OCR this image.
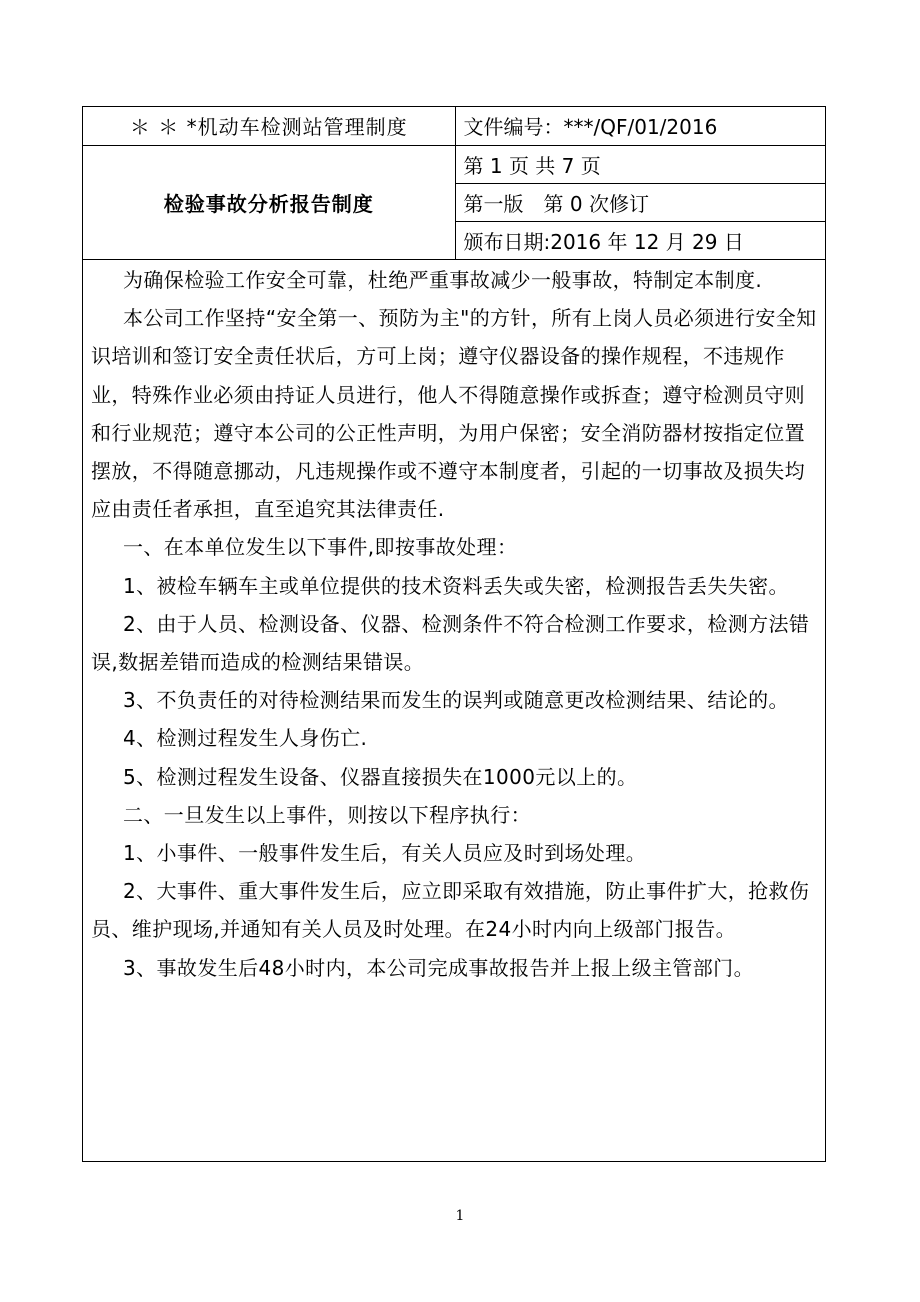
＊ ＊ *机动车检测站管理制度	文件编号：***/QF/01/2016
检验事故分析报告制度	第 1 页 共 7 页
	第一版　第 0 次修订
	颁布日期:2016 年 12 月 29 日

为确保检验工作安全可靠，杜绝严重事故减少一般事故，特制定本制度.

本公司工作坚持“安全第一、预防为主"的方针，所有上岗人员必须进行安全知识培训和签订安全责任状后，方可上岗；遵守仪器设备的操作规程，不违规作业，特殊作业必须由持证人员进行，他人不得随意操作或拆查；遵守检测员守则和行业规范；遵守本公司的公正性声明，为用户保密；安全消防器材按指定位置摆放，不得随意挪动，凡违规操作或不遵守本制度者，引起的一切事故及损失均应由责任者承担，直至追究其法律责任.

一、在本单位发生以下事件,即按事故处理：

1、被检车辆车主或单位提供的技术资料丢失或失密，检测报告丢失失密。

2、由于人员、检测设备、仪器、检测条件不符合检测工作要求，检测方法错误,数据差错而造成的检测结果错误。

3、不负责任的对待检测结果而发生的误判或随意更改检测结果、结论的。

4、检测过程发生人身伤亡.

5、检测过程发生设备、仪器直接损失在1000元以上的。

二、一旦发生以上事件，则按以下程序执行：

1、小事件、一般事件发生后，有关人员应及时到场处理。

2、大事件、重大事件发生后，应立即采取有效措施，防止事件扩大，抢救伤员、维护现场,并通知有关人员及时处理。在24小时内向上级部门报告。

3、事故发生后48小时内，本公司完成事故报告并上报上级主管部门。

1
